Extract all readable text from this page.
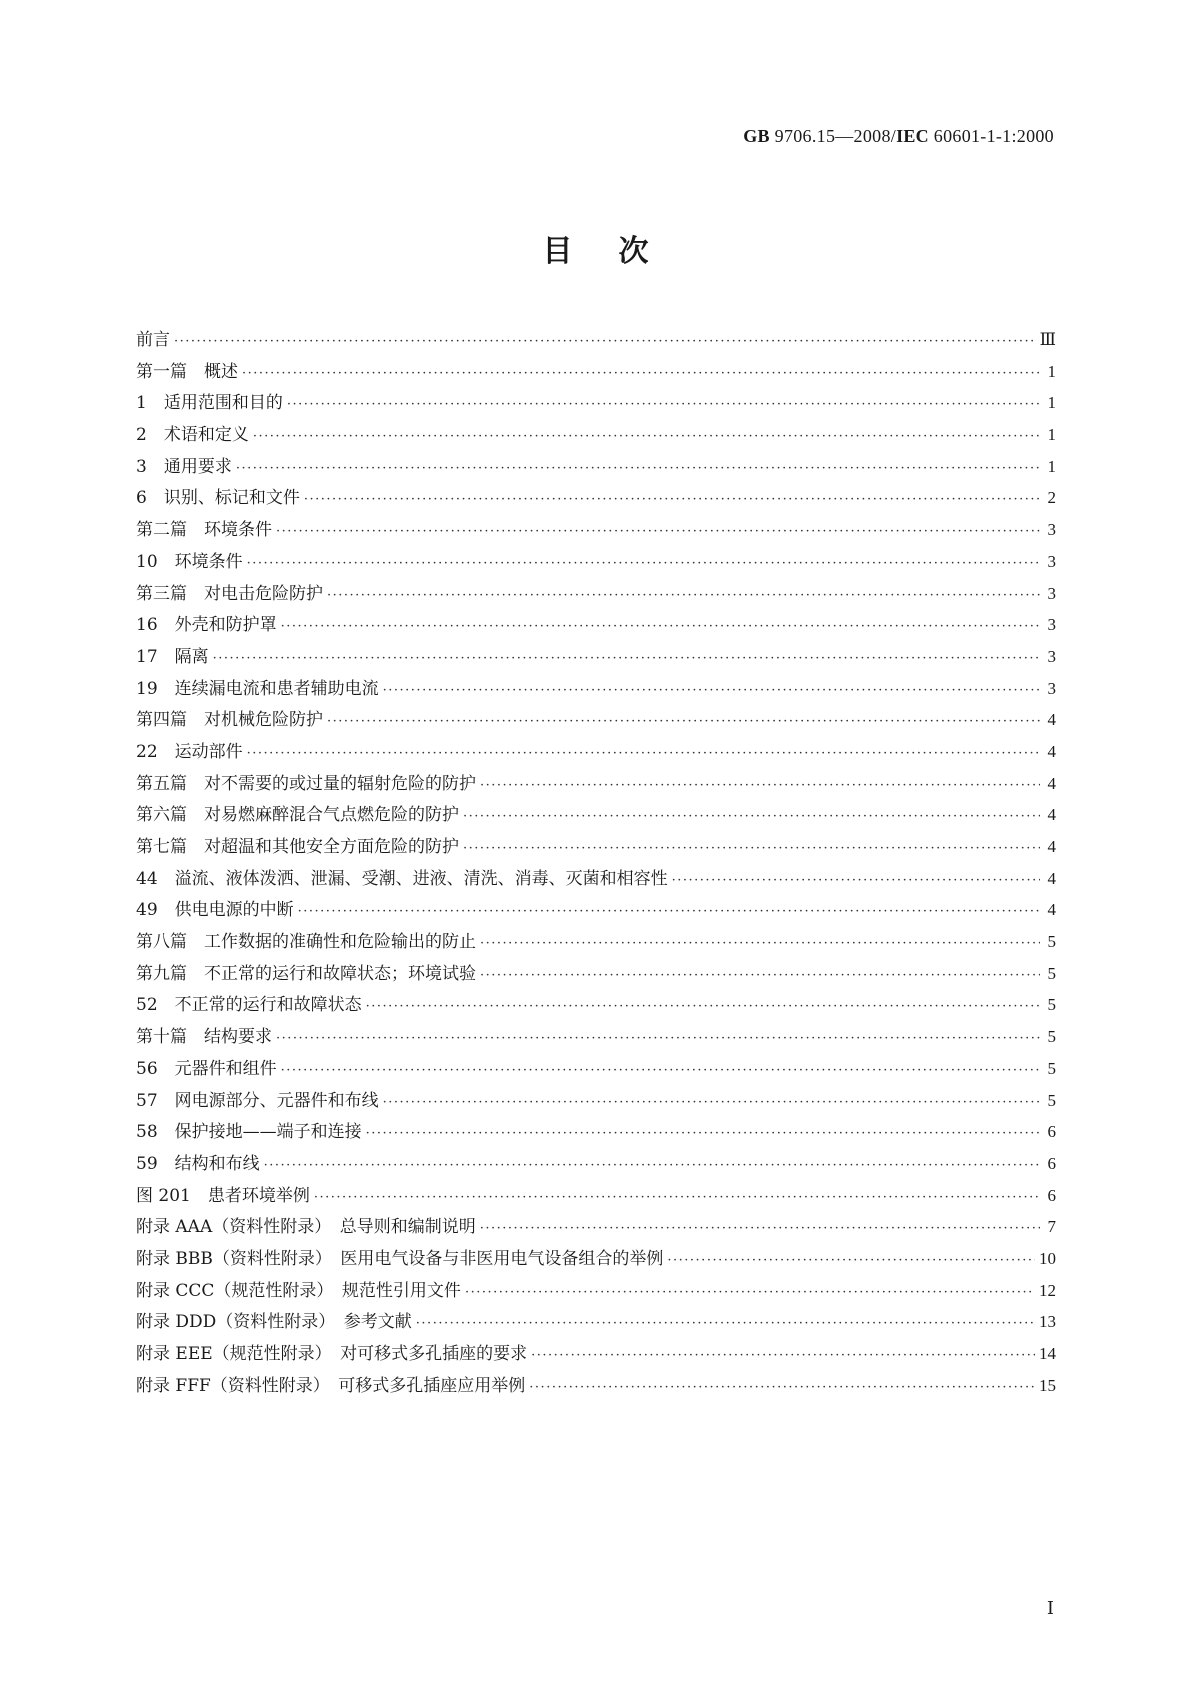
GB 9706.15—2008/IEC 60601-1-1:2000
目次
前言 ·····	Ⅲ
第一篇　概述 ·····	1
1　适用范围和目的 ·····	1
2　术语和定义 ·····	1
3　通用要求 ·····	1
6　识别、标记和文件 ·····	2
第二篇　环境条件 ·····	3
10　环境条件 ·····	3
第三篇　对电击危险防护 ·····	3
16　外壳和防护罩 ·····	3
17　隔离 ·····	3
19　连续漏电流和患者辅助电流 ·····	3
第四篇　对机械危险防护 ·····	4
22　运动部件 ·····	4
第五篇　对不需要的或过量的辐射危险的防护 ·····	4
第六篇　对易燃麻醉混合气点燃危险的防护 ·····	4
第七篇　对超温和其他安全方面危险的防护 ·····	4
44　溢流、液体泼洒、泄漏、受潮、进液、清洗、消毒、灭菌和相容性 ·····	4
49　供电电源的中断 ·····	4
第八篇　工作数据的准确性和危险输出的防止 ·····	5
第九篇　不正常的运行和故障状态；环境试验 ·····	5
52　不正常的运行和故障状态 ·····	5
第十篇　结构要求 ·····	5
56　元器件和组件 ·····	5
57　网电源部分、元器件和布线 ·····	5
58　保护接地——端子和连接 ·····	6
59　结构和布线 ·····	6
图 201　患者环境举例 ·····	6
附录 AAA（资料性附录）　总导则和编制说明 ·····	7
附录 BBB（资料性附录）　医用电气设备与非医用电气设备组合的举例 ·····	10
附录 CCC（规范性附录）　规范性引用文件 ·····	12
附录 DDD（资料性附录）　参考文献 ·····	13
附录 EEE（规范性附录）　对可移式多孔插座的要求 ·····	14
附录 FFF（资料性附录）　可移式多孔插座应用举例 ·····	15
Ⅰ
